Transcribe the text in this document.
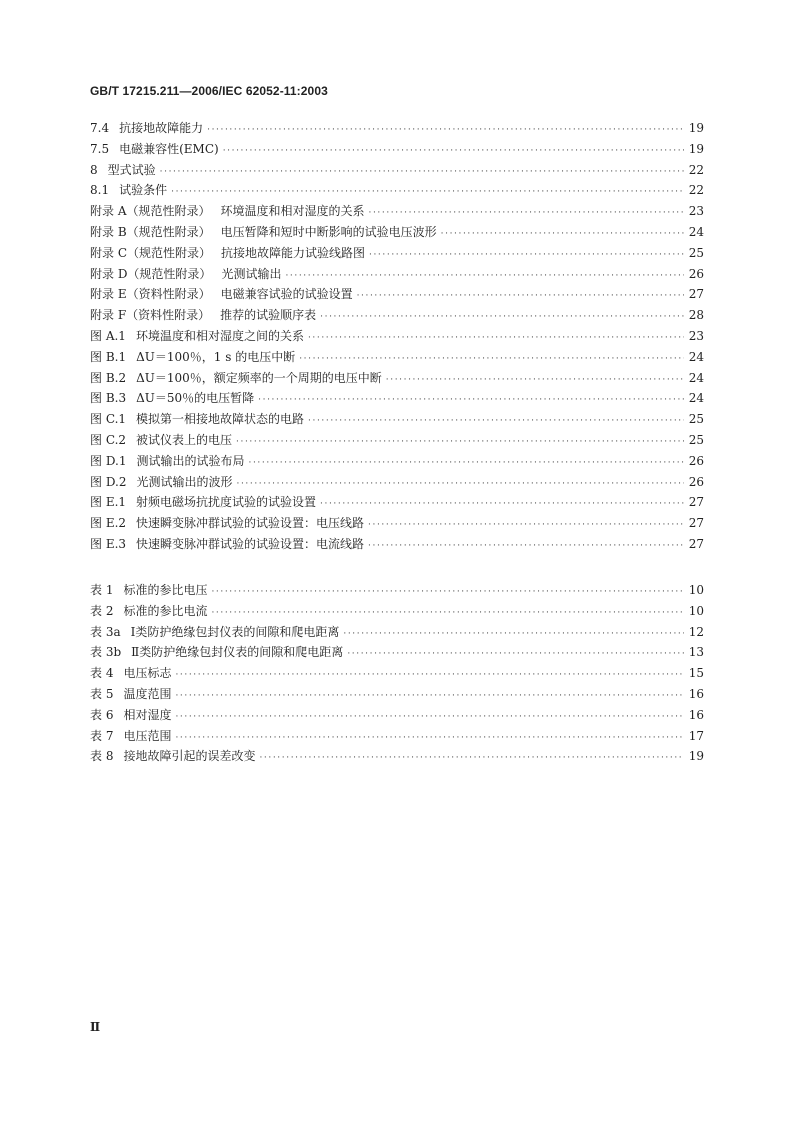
GB/T 17215.211—2006/IEC 62052-11:2003
7.4 抗接地故障能力 ·····	19
7.5 电磁兼容性(EMC) ·····	19
8 型式试验 ·····	22
8.1 试验条件 ·····	22
附录 A（规范性附录） 环境温度和相对湿度的关系 ·····	23
附录 B（规范性附录） 电压暂降和短时中断影响的试验电压波形 ·····	24
附录 C（规范性附录） 抗接地故障能力试验线路图 ·····	25
附录 D（规范性附录） 光测试输出 ·····	26
附录 E（资料性附录） 电磁兼容试验的试验设置 ·····	27
附录 F（资料性附录） 推荐的试验顺序表 ·····	28
图 A.1 环境温度和相对湿度之间的关系 ·····	23
图 B.1 ΔU＝100％，1 s 的电压中断 ·····	24
图 B.2 ΔU＝100％，额定频率的一个周期的电压中断 ·····	24
图 B.3 ΔU＝50％的电压暂降 ·····	24
图 C.1 模拟第一相接地故障状态的电路 ·····	25
图 C.2 被试仪表上的电压 ·····	25
图 D.1 测试输出的试验布局 ·····	26
图 D.2 光测试输出的波形 ·····	26
图 E.1 射频电磁场抗扰度试验的试验设置 ·····	27
图 E.2 快速瞬变脉冲群试验的试验设置：电压线路 ·····	27
图 E.3 快速瞬变脉冲群试验的试验设置：电流线路 ·····	27
表 1 标准的参比电压 ·····	10
表 2 标准的参比电流 ·····	10
表 3a Ⅰ类防护绝缘包封仪表的间隙和爬电距离 ·····	12
表 3b Ⅱ类防护绝缘包封仪表的间隙和爬电距离 ·····	13
表 4 电压标志 ·····	15
表 5 温度范围 ·····	16
表 6 相对湿度 ·····	16
表 7 电压范围 ·····	17
表 8 接地故障引起的误差改变 ·····	19
Ⅱ
